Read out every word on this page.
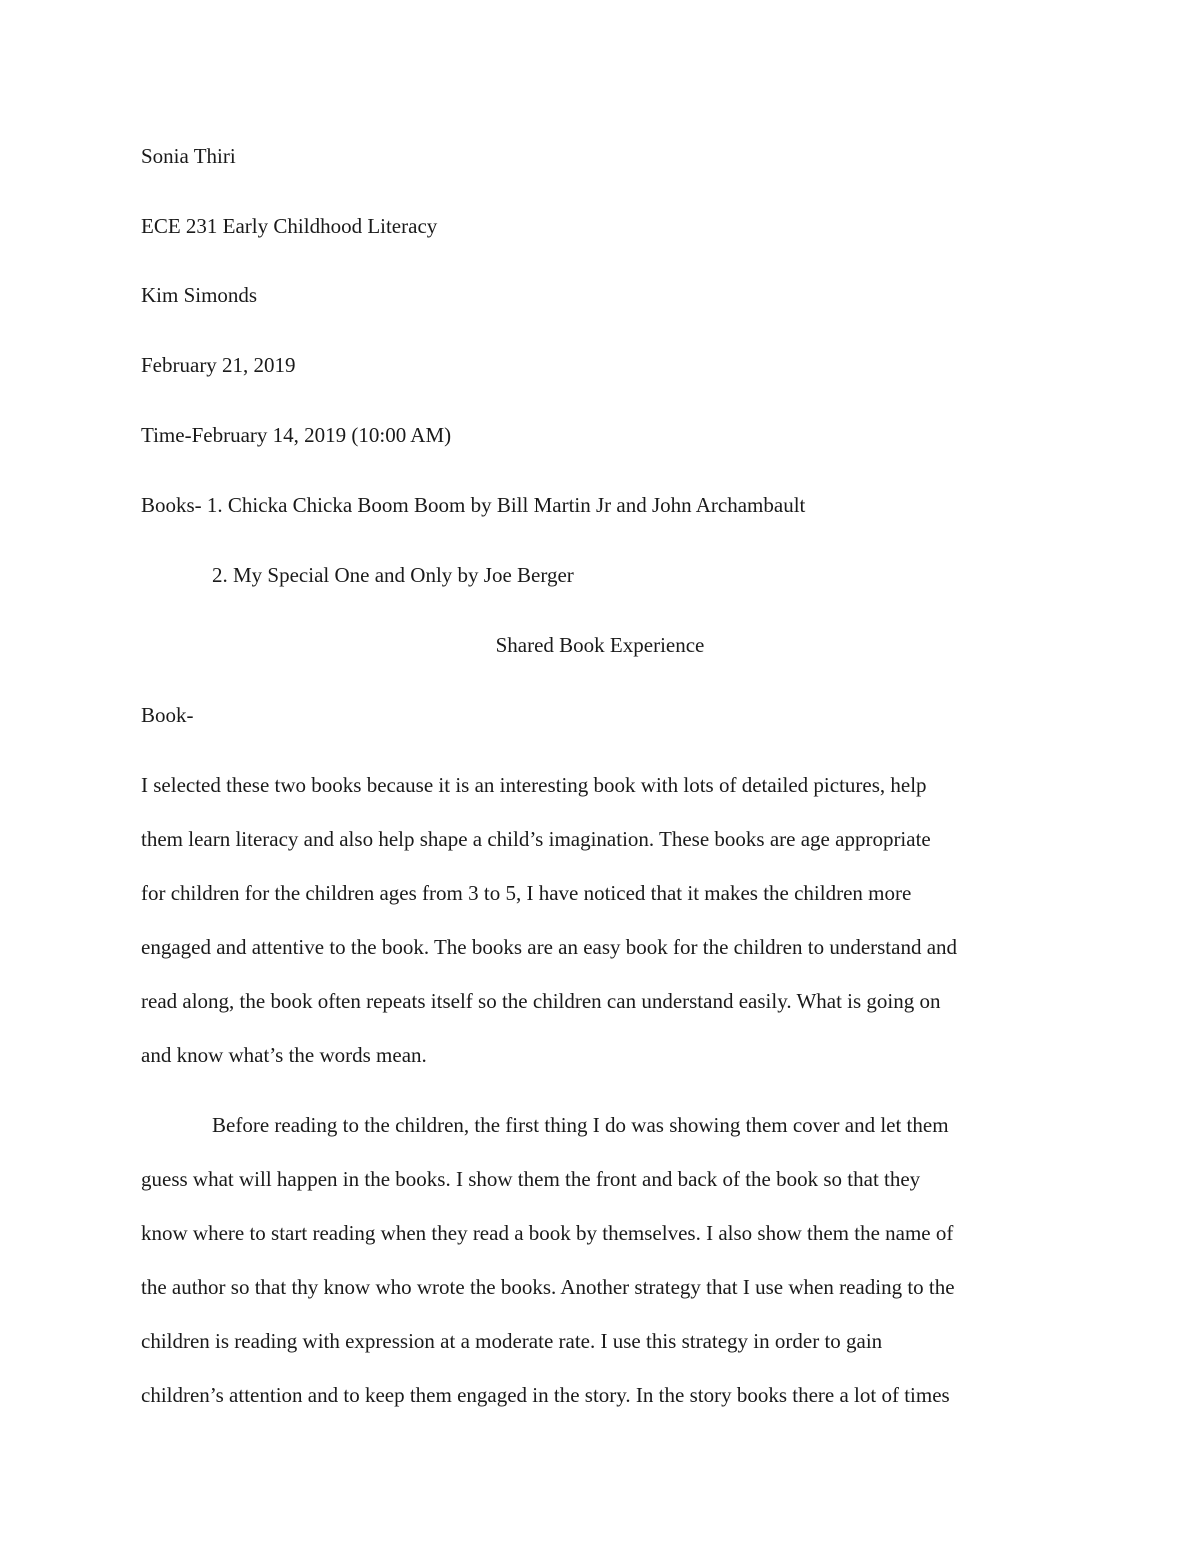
Sonia Thiri
ECE 231 Early Childhood Literacy
Kim Simonds
February 21, 2019
Time-February 14, 2019 (10:00 AM)
Books- 1. Chicka Chicka Boom Boom by Bill Martin Jr and John Archambault
2. My Special One and Only by Joe Berger
Shared Book Experience
Book-
I selected these two books because it is an interesting book with lots of detailed pictures, help
them learn literacy and also help shape a child’s imagination. These books are age appropriate
for children for the children ages from 3 to 5, I have noticed that it makes the children more
engaged and attentive to the book. The books are an easy book for the children to understand and
read along, the book often repeats itself so the children can understand easily. What is going on
and know what’s the words mean.
Before reading to the children, the first thing I do was showing them cover and let them
guess what will happen in the books. I show them the front and back of the book so that they
know where to start reading when they read a book by themselves. I also show them the name of
the author so that thy know who wrote the books. Another strategy that I use when reading to the
children is reading with expression at a moderate rate. I use this strategy in order to gain
children’s attention and to keep them engaged in the story. In the story books there a lot of times
